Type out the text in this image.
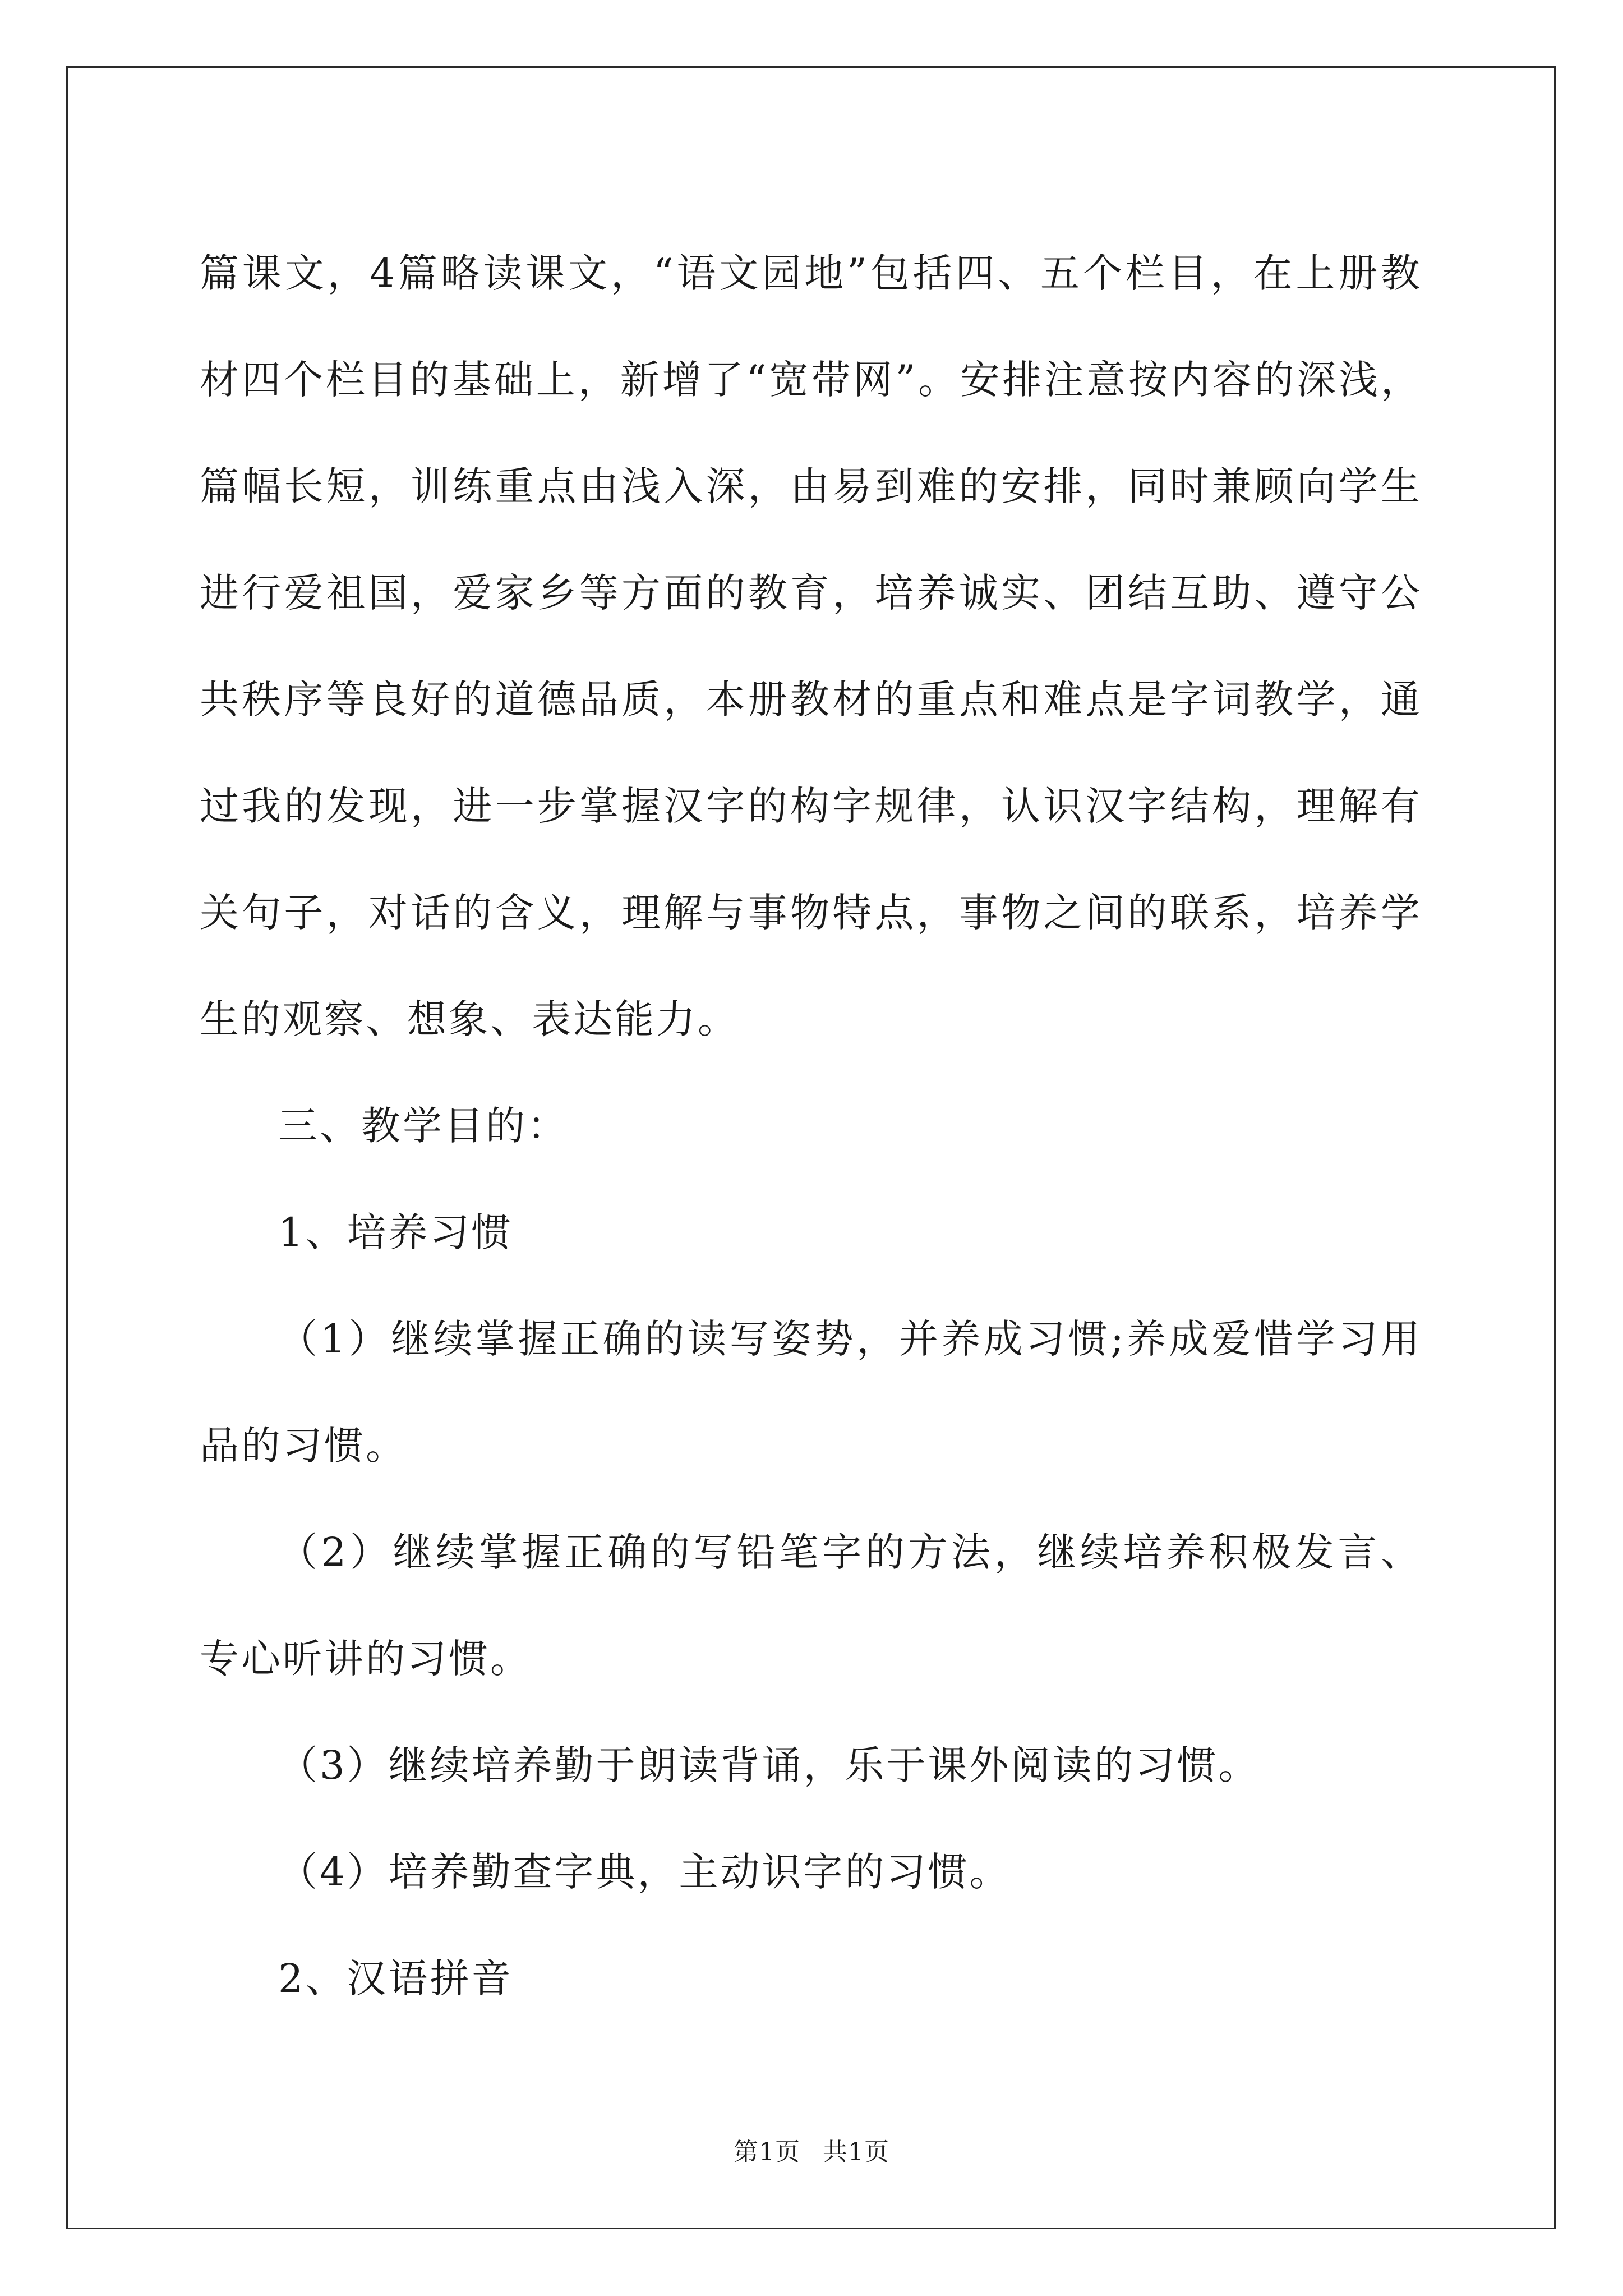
篇课文，4篇略读课文，“语文园地”包括四、五个栏目，在上册教材四个栏目的基础上，新增了“宽带网”。安排注意按内容的深浅，篇幅长短，训练重点由浅入深，由易到难的安排，同时兼顾向学生进行爱祖国，爱家乡等方面的教育，培养诚实、团结互助、遵守公共秩序等良好的道德品质，本册教材的重点和难点是字词教学，通过我的发现，进一步掌握汉字的构字规律，认识汉字结构，理解有关句子，对话的含义，理解与事物特点，事物之间的联系，培养学生的观察、想象、表达能力。

三、教学目的：

1、培养习惯

（1）继续掌握正确的读写姿势，并养成习惯;养成爱惜学习用品的习惯。

（2）继续掌握正确的写铅笔字的方法，继续培养积极发言、专心听讲的习惯。

（3）继续培养勤于朗读背诵，乐于课外阅读的习惯。

（4）培养勤查字典，主动识字的习惯。

2、汉语拼音

第1页 共1页
